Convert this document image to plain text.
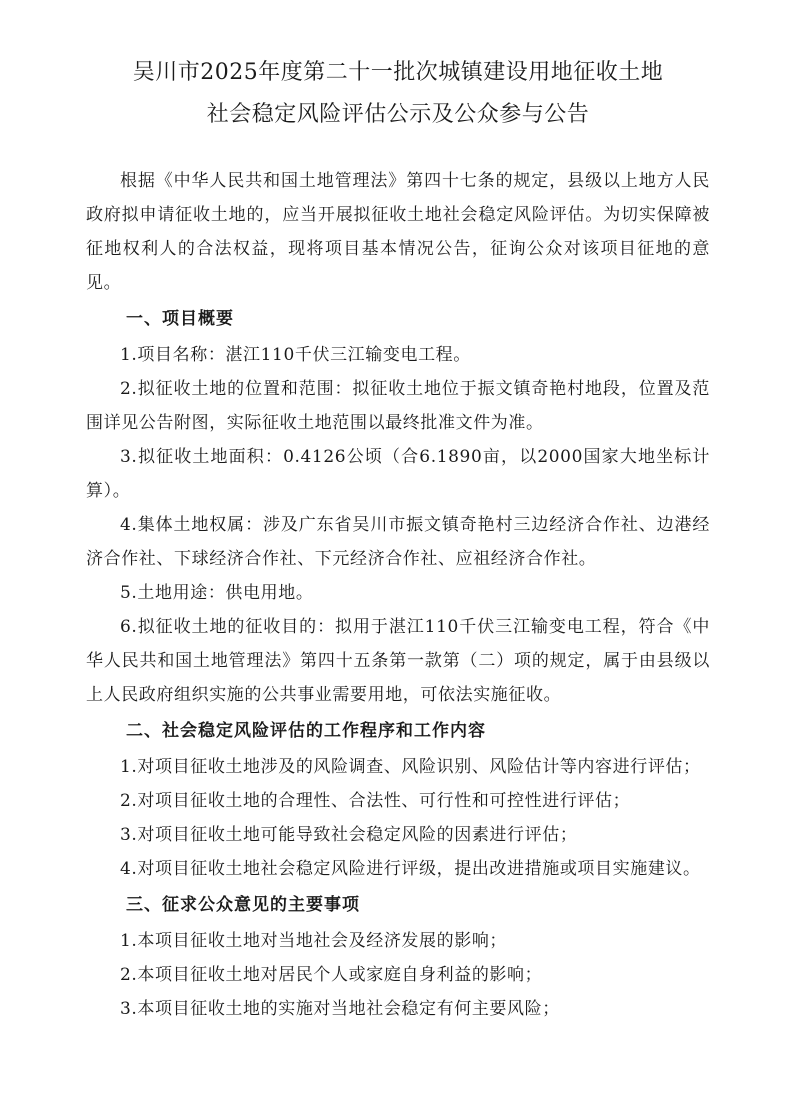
吴川市2025年度第二十一批次城镇建设用地征收土地
社会稳定风险评估公示及公众参与公告

根据《中华人民共和国土地管理法》第四十七条的规定，县级以上地方人民政府拟申请征收土地的，应当开展拟征收土地社会稳定风险评估。为切实保障被征地权利人的合法权益，现将项目基本情况公告，征询公众对该项目征地的意见。

一、项目概要

1.项目名称：湛江110千伏三江输变电工程。

2.拟征收土地的位置和范围：拟征收土地位于振文镇奇艳村地段，位置及范围详见公告附图，实际征收土地范围以最终批准文件为准。

3.拟征收土地面积：0.4126公顷（合6.1890亩，以2000国家大地坐标计算）。

4.集体土地权属：涉及广东省吴川市振文镇奇艳村三边经济合作社、边港经济合作社、下球经济合作社、下元经济合作社、应祖经济合作社。

5.土地用途：供电用地。

6.拟征收土地的征收目的：拟用于湛江110千伏三江输变电工程，符合《中华人民共和国土地管理法》第四十五条第一款第（二）项的规定，属于由县级以上人民政府组织实施的公共事业需要用地，可依法实施征收。

二、社会稳定风险评估的工作程序和工作内容

1.对项目征收土地涉及的风险调查、风险识别、风险估计等内容进行评估；

2.对项目征收土地的合理性、合法性、可行性和可控性进行评估；

3.对项目征收土地可能导致社会稳定风险的因素进行评估；

4.对项目征收土地社会稳定风险进行评级，提出改进措施或项目实施建议。

三、征求公众意见的主要事项

1.本项目征收土地对当地社会及经济发展的影响；

2.本项目征收土地对居民个人或家庭自身利益的影响；

3.本项目征收土地的实施对当地社会稳定有何主要风险；
